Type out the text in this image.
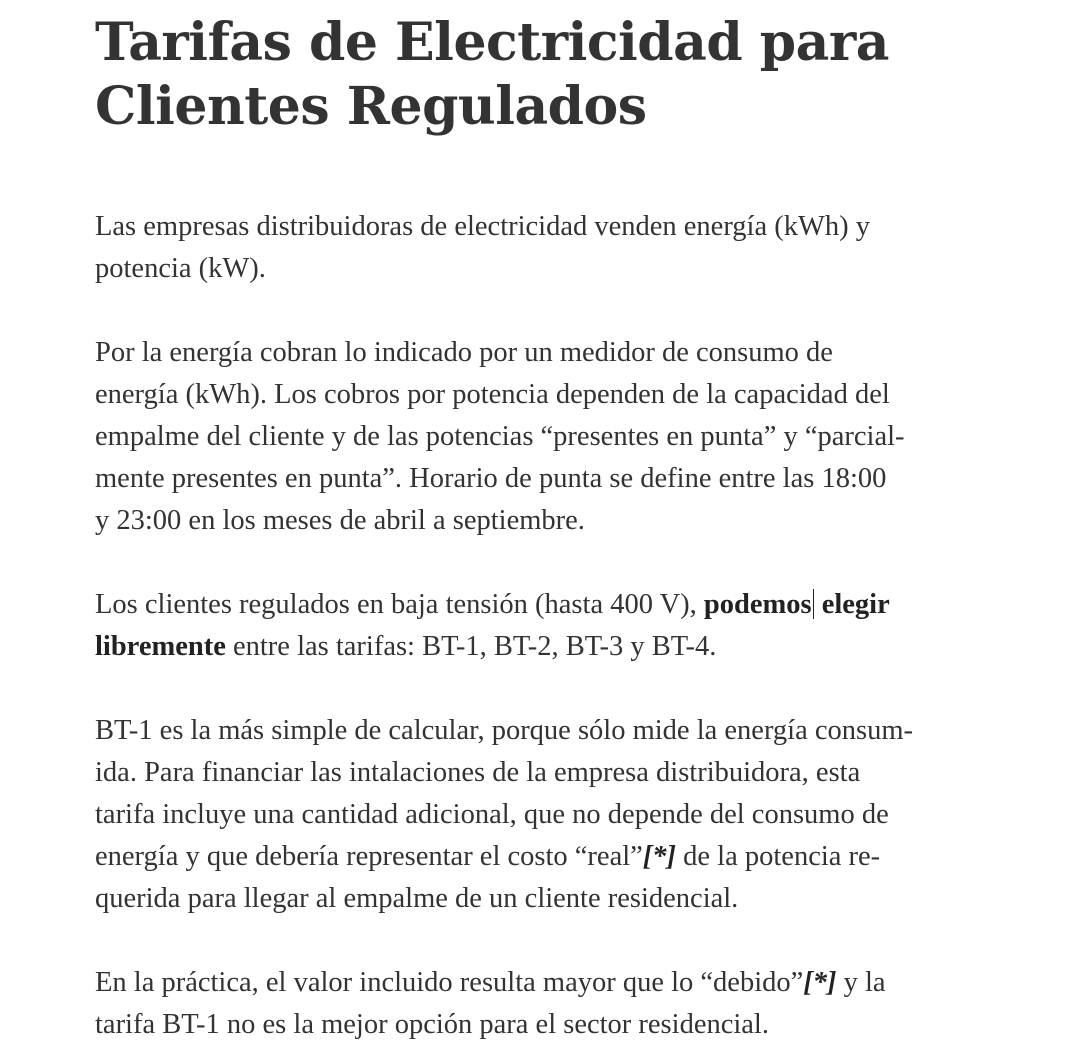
Tarifas de Electricidad para
Clientes Regulados

Las empresas distribuidoras de electricidad venden energía (kWh) y
potencia (kW).

Por la energía cobran lo indicado por un medidor de consumo de
energía (kWh). Los cobros por potencia dependen de la capacidad del
empalme del cliente y de las potencias “presentes en punta” y “parcial-
mente presentes en punta”. Horario de punta se define entre las 18:00
y 23:00 en los meses de abril a septiembre.

Los clientes regulados en baja tensión (hasta 400 V), podemos elegir
libremente entre las tarifas: BT-1, BT-2, BT-3 y BT-4.

BT-1 es la más simple de calcular, porque sólo mide la energía consum-
ida. Para financiar las intalaciones de la empresa distribuidora, esta
tarifa incluye una cantidad adicional, que no depende del consumo de
energía y que debería representar el costo “real”[*] de la potencia re-
querida para llegar al empalme de un cliente residencial.

En la práctica, el valor incluido resulta mayor que lo “debido”[*] y la
tarifa BT-1 no es la mejor opción para el sector residencial.
